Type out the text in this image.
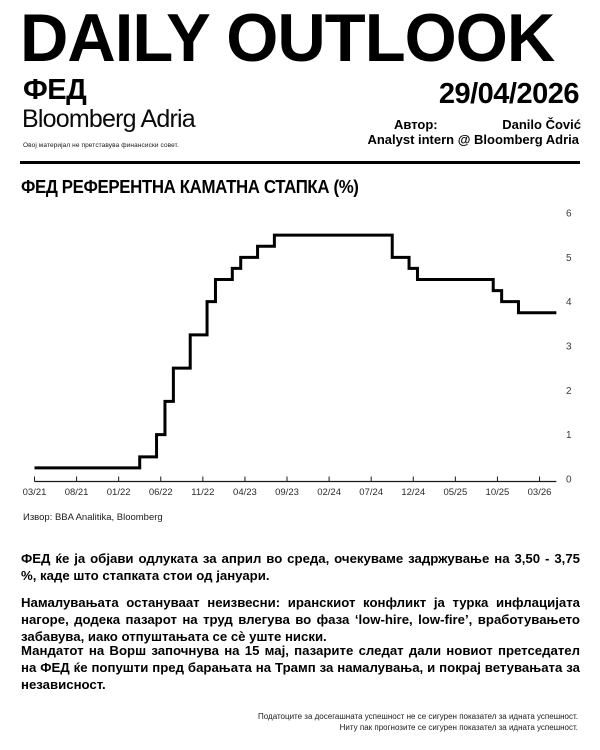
DAILY OUTLOOK
ФЕД
Bloomberg Adria
Овој материјал не претставува финансиски совет.
29/04/2026
Автор:	Danilo Čović
Analyst intern @ Bloomberg Adria
ФЕД РЕФЕРЕНТНА КАМАТНА СТАПКА (%)
03/21 08/21 01/22 06/22 11/22 04/23 09/23 02/24 07/24 12/24 05/25 10/25 03/26
0
1
2
3
4
5
6
Извор: BBA Analitika, Bloomberg

ФЕД ќе ја објави одлуката за април во среда, очекуваме задржување на 3,50 - 3,75 %, каде што стапката стои од јануари.

Намалувањата остануваат неизвесни: иранскиот конфликт ја турка инфлацијата нагоре, додека пазарот на труд влегува во фаза ‘low-hire, low-fire’, вработувањето забавува, иако отпуштањата се сѐ уште ниски.

Мандатот на Ворш започнува на 15 мај, пазарите следат дали новиот претседател на ФЕД ќе попушти пред барањата на Трамп за намалувања, и покрај ветувањата за независност.

Податоците за досегашната успешност не се сигурен показател за идната успешност.
Ниту пак прогнозите се сигурен показател за идната успешност.
